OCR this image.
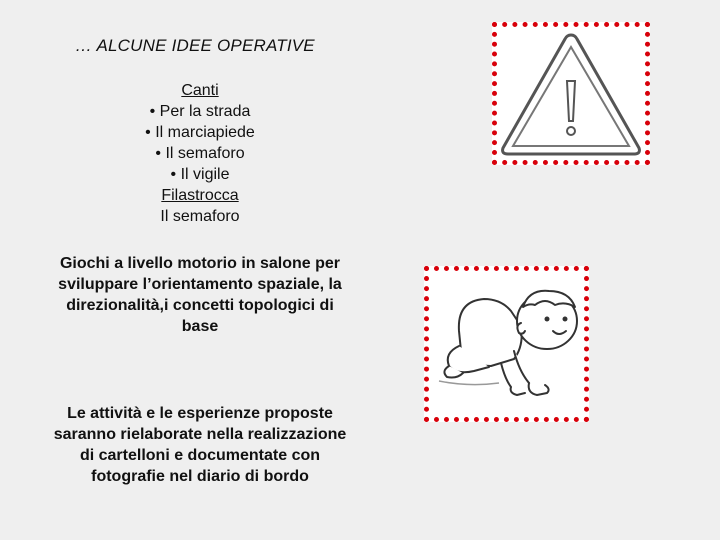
… ALCUNE IDEE OPERATIVE
Canti
• Per la strada
• Il marciapiede
• Il semaforo
• Il vigile
Filastrocca
Il semaforo
Giochi a livello motorio in salone per
sviluppare l’orientamento spaziale, la
direzionalità,i concetti topologici di
base
Le attività e le esperienze proposte
saranno rielaborate nella realizzazione
di cartelloni e documentate con
fotografie nel diario di bordo
